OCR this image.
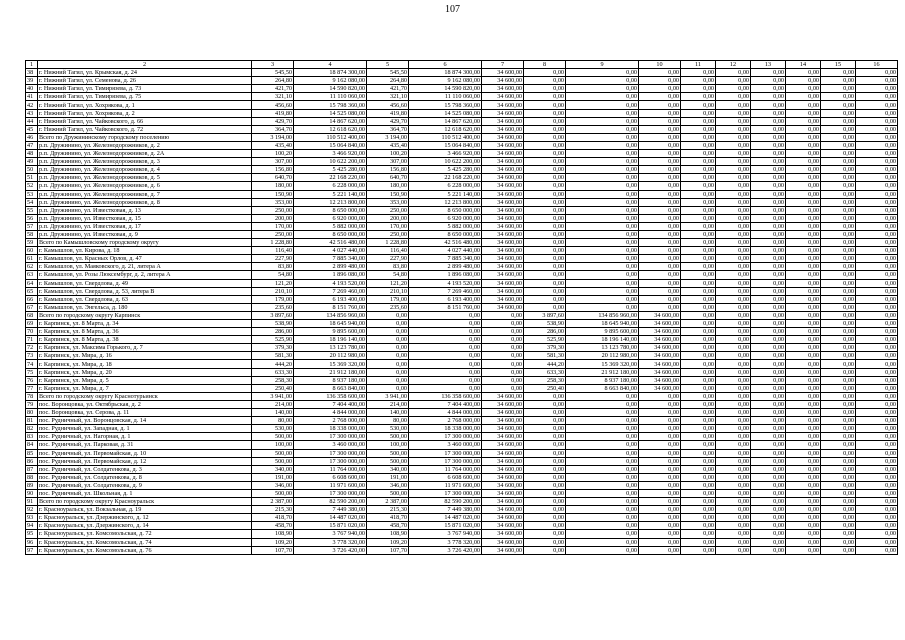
107
1	2	3	4	5	6	7	8	9	10	11	12	13	14	15	16
38	г. Нижний Тагил, ул. Крымская, д. 24	545,50	18 874 300,00	545,50	18 874 300,00	34 600,00	0,00	0,00	0,00	0,00	0,00	0,00	0,00	0,00	0,00
39	г. Нижний Тагил, ул. Семенова, д. 26	264,80	9 162 080,00	264,80	9 162 080,00	34 600,00	0,00	0,00	0,00	0,00	0,00	0,00	0,00	0,00	0,00
40	г. Нижний Тагил, ул. Тимирязева, д. 73	421,70	14 590 820,00	421,70	14 590 820,00	34 600,00	0,00	0,00	0,00	0,00	0,00	0,00	0,00	0,00	0,00
41	г. Нижний Тагил, ул. Тимирязева, д. 75	321,10	11 110 060,00	321,10	11 110 060,00	34 600,00	0,00	0,00	0,00	0,00	0,00	0,00	0,00	0,00	0,00
42	г. Нижний Тагил, ул. Хохрякова, д. 1	456,60	15 798 360,00	456,60	15 798 360,00	34 600,00	0,00	0,00	0,00	0,00	0,00	0,00	0,00	0,00	0,00
43	г. Нижний Тагил, ул. Хохрякова, д. 2	419,80	14 525 080,00	419,80	14 525 080,00	34 600,00	0,00	0,00	0,00	0,00	0,00	0,00	0,00	0,00	0,00
44	г. Нижний Тагил, ул. Чайковского, д. 66	429,70	14 867 620,00	429,70	14 867 620,00	34 600,00	0,00	0,00	0,00	0,00	0,00	0,00	0,00	0,00	0,00
45	г. Нижний Тагил, ул. Чайковского, д. 72	364,70	12 618 620,00	364,70	12 618 620,00	34 600,00	0,00	0,00	0,00	0,00	0,00	0,00	0,00	0,00	0,00
46	Всего по Дружининскому городскому поселению	3 194,00	110 512 400,00	3 194,00	110 512 400,00	34 600,00	0,00	0,00	0,00	0,00	0,00	0,00	0,00	0,00	0,00
47	р.п. Дружинино, ул. Железнодорожников, д. 2	435,40	15 064 840,00	435,40	15 064 840,00	34 600,00	0,00	0,00	0,00	0,00	0,00	0,00	0,00	0,00	0,00
48	р.п. Дружинино, ул. Железнодорожников, д. 2А	100,20	3 466 920,00	100,20	3 466 920,00	34 600,00	0,00	0,00	0,00	0,00	0,00	0,00	0,00	0,00	0,00
49	р.п. Дружинино, ул. Железнодорожников, д. 3	307,00	10 622 200,00	307,00	10 622 200,00	34 600,00	0,00	0,00	0,00	0,00	0,00	0,00	0,00	0,00	0,00
50	р.п. Дружинино, ул. Железнодорожников, д. 4	156,80	5 425 280,00	156,80	5 425 280,00	34 600,00	0,00	0,00	0,00	0,00	0,00	0,00	0,00	0,00	0,00
51	р.п. Дружинино, ул. Железнодорожников, д. 5	640,70	22 168 220,00	640,70	22 168 220,00	34 600,00	0,00	0,00	0,00	0,00	0,00	0,00	0,00	0,00	0,00
52	р.п. Дружинино, ул. Железнодорожников, д. 6	180,00	6 228 000,00	180,00	6 228 000,00	34 600,00	0,00	0,00	0,00	0,00	0,00	0,00	0,00	0,00	0,00
53	р.п. Дружинино, ул. Железнодорожников, д. 7	150,90	5 221 140,00	150,90	5 221 140,00	34 600,00	0,00	0,00	0,00	0,00	0,00	0,00	0,00	0,00	0,00
54	р.п. Дружинино, ул. Железнодорожников, д. 8	353,00	12 213 800,00	353,00	12 213 800,00	34 600,00	0,00	0,00	0,00	0,00	0,00	0,00	0,00	0,00	0,00
55	р.п. Дружинино, ул. Известковая, д. 13	250,00	8 650 000,00	250,00	8 650 000,00	34 600,00	0,00	0,00	0,00	0,00	0,00	0,00	0,00	0,00	0,00
56	р.п. Дружинино, ул. Известковая, д. 15	200,00	6 920 000,00	200,00	6 920 000,00	34 600,00	0,00	0,00	0,00	0,00	0,00	0,00	0,00	0,00	0,00
57	р.п. Дружинино, ул. Известковая, д. 17	170,00	5 882 000,00	170,00	5 882 000,00	34 600,00	0,00	0,00	0,00	0,00	0,00	0,00	0,00	0,00	0,00
58	р.п. Дружинино, ул. Известковая, д. 9	250,00	8 650 000,00	250,00	8 650 000,00	34 600,00	0,00	0,00	0,00	0,00	0,00	0,00	0,00	0,00	0,00
59	Всего по Камышловскому городскому округу	1 228,80	42 516 480,00	1 228,80	42 516 480,00	34 600,00	0,00	0,00	0,00	0,00	0,00	0,00	0,00	0,00	0,00
60	г. Камышлов, ул. Кирова, д. 18	116,40	4 027 440,00	116,40	4 027 440,00	34 600,00	0,00	0,00	0,00	0,00	0,00	0,00	0,00	0,00	0,00
61	г. Камышлов, ул. Красных Орлов, д. 47	227,90	7 885 340,00	227,90	7 885 340,00	34 600,00	0,00	0,00	0,00	0,00	0,00	0,00	0,00	0,00	0,00
62	г. Камышлов, ул. Маяковского, д. 21, литера А	83,80	2 899 480,00	83,80	2 899 480,00	34 600,00	0,00	0,00	0,00	0,00	0,00	0,00	0,00	0,00	0,00
63	г. Камышлов, ул. Розы Люксембург, д. 2, литера А	54,80	1 896 080,00	54,80	1 896 080,00	34 600,00	0,00	0,00	0,00	0,00	0,00	0,00	0,00	0,00	0,00
64	г. Камышлов, ул. Свердлова, д. 49	121,20	4 193 520,00	121,20	4 193 520,00	34 600,00	0,00	0,00	0,00	0,00	0,00	0,00	0,00	0,00	0,00
65	г. Камышлов, ул. Свердлова, д. 53, литера В	210,10	7 269 460,00	210,10	7 269 460,00	34 600,00	0,00	0,00	0,00	0,00	0,00	0,00	0,00	0,00	0,00
66	г. Камышлов, ул. Свердлова, д. 63	179,00	6 193 400,00	179,00	6 193 400,00	34 600,00	0,00	0,00	0,00	0,00	0,00	0,00	0,00	0,00	0,00
67	г. Камышлов, ул. Энгельса, д. 180	235,60	8 151 760,00	235,60	8 151 760,00	34 600,00	0,00	0,00	0,00	0,00	0,00	0,00	0,00	0,00	0,00
68	Всего по городскому округу Карпинск	3 897,60	134 856 960,00	0,00	0,00	0,00	3 897,60	134 856 960,00	34 600,00	0,00	0,00	0,00	0,00	0,00	0,00
69	г. Карпинск, ул. 8 Марта, д. 34	538,90	18 645 940,00	0,00	0,00	0,00	538,90	18 645 940,00	34 600,00	0,00	0,00	0,00	0,00	0,00	0,00
70	г. Карпинск, ул. 8 Марта, д. 36	286,00	9 895 600,00	0,00	0,00	0,00	286,00	9 895 600,00	34 600,00	0,00	0,00	0,00	0,00	0,00	0,00
71	г. Карпинск, ул. 8 Марта, д. 38	525,90	18 196 140,00	0,00	0,00	0,00	525,90	18 196 140,00	34 600,00	0,00	0,00	0,00	0,00	0,00	0,00
72	г. Карпинск, ул. Максима Горького, д. 7	379,30	13 123 780,00	0,00	0,00	0,00	379,30	13 123 780,00	34 600,00	0,00	0,00	0,00	0,00	0,00	0,00
73	г. Карпинск, ул. Мира, д. 16	581,30	20 112 980,00	0,00	0,00	0,00	581,30	20 112 980,00	34 600,00	0,00	0,00	0,00	0,00	0,00	0,00
74	г. Карпинск, ул. Мира, д. 18	444,20	15 369 320,00	0,00	0,00	0,00	444,20	15 369 320,00	34 600,00	0,00	0,00	0,00	0,00	0,00	0,00
75	г. Карпинск, ул. Мира, д. 20	633,30	21 912 180,00	0,00	0,00	0,00	633,30	21 912 180,00	34 600,00	0,00	0,00	0,00	0,00	0,00	0,00
76	г. Карпинск, ул. Мира, д. 5	258,30	8 937 180,00	0,00	0,00	0,00	258,30	8 937 180,00	34 600,00	0,00	0,00	0,00	0,00	0,00	0,00
77	г. Карпинск, ул. Мира, д. 7	250,40	8 663 840,00	0,00	0,00	0,00	250,40	8 663 840,00	34 600,00	0,00	0,00	0,00	0,00	0,00	0,00
78	Всего по городскому округу Краснотурьинск	3 941,00	136 358 600,00	3 941,00	136 358 600,00	34 600,00	0,00	0,00	0,00	0,00	0,00	0,00	0,00	0,00	0,00
79	пос. Воронцовка, ул. Октябрьская, д. 2	214,00	7 404 400,00	214,00	7 404 400,00	34 600,00	0,00	0,00	0,00	0,00	0,00	0,00	0,00	0,00	0,00
80	пос. Воронцовка, ул. Серова, д. 11	140,00	4 844 000,00	140,00	4 844 000,00	34 600,00	0,00	0,00	0,00	0,00	0,00	0,00	0,00	0,00	0,00
81	пос. Рудничный, ул. Воронцовская, д. 14	80,00	2 768 000,00	80,00	2 768 000,00	34 600,00	0,00	0,00	0,00	0,00	0,00	0,00	0,00	0,00	0,00
82	пос. Рудничный, ул. Западная, д. 1	530,00	18 338 000,00	530,00	18 338 000,00	34 600,00	0,00	0,00	0,00	0,00	0,00	0,00	0,00	0,00	0,00
83	пос. Рудничный, ул. Нагорная, д. 1	500,00	17 300 000,00	500,00	17 300 000,00	34 600,00	0,00	0,00	0,00	0,00	0,00	0,00	0,00	0,00	0,00
84	пос. Рудничный, ул. Парковая, д. 31	100,00	3 460 000,00	100,00	3 460 000,00	34 600,00	0,00	0,00	0,00	0,00	0,00	0,00	0,00	0,00	0,00
85	пос. Рудничный, ул. Первомайская, д. 10	500,00	17 300 000,00	500,00	17 300 000,00	34 600,00	0,00	0,00	0,00	0,00	0,00	0,00	0,00	0,00	0,00
86	пос. Рудничный, ул. Первомайская, д. 12	500,00	17 300 000,00	500,00	17 300 000,00	34 600,00	0,00	0,00	0,00	0,00	0,00	0,00	0,00	0,00	0,00
87	пос. Рудничный, ул. Солдатенкова, д. 3	340,00	11 764 000,00	340,00	11 764 000,00	34 600,00	0,00	0,00	0,00	0,00	0,00	0,00	0,00	0,00	0,00
88	пос. Рудничный, ул. Солдатенкова, д. 8	191,00	6 608 600,00	191,00	6 608 600,00	34 600,00	0,00	0,00	0,00	0,00	0,00	0,00	0,00	0,00	0,00
89	пос. Рудничный, ул. Солдатенкова, д. 9	346,00	11 971 600,00	346,00	11 971 600,00	34 600,00	0,00	0,00	0,00	0,00	0,00	0,00	0,00	0,00	0,00
90	пос. Рудничный, ул. Школьная, д. 1	500,00	17 300 000,00	500,00	17 300 000,00	34 600,00	0,00	0,00	0,00	0,00	0,00	0,00	0,00	0,00	0,00
91	Всего по городскому округу Красноуральск	2 387,00	82 590 200,00	2 387,00	82 590 200,00	34 600,00	0,00	0,00	0,00	0,00	0,00	0,00	0,00	0,00	0,00
92	г. Красноуральск, ул. Вокзальная, д. 19	215,30	7 449 380,00	215,30	7 449 380,00	34 600,00	0,00	0,00	0,00	0,00	0,00	0,00	0,00	0,00	0,00
93	г. Красноуральск, ул. Дзержинского, д. 12	418,70	14 487 020,00	418,70	14 487 020,00	34 600,00	0,00	0,00	0,00	0,00	0,00	0,00	0,00	0,00	0,00
94	г. Красноуральск, ул. Дзержинского, д. 14	458,70	15 871 020,00	458,70	15 871 020,00	34 600,00	0,00	0,00	0,00	0,00	0,00	0,00	0,00	0,00	0,00
95	г. Красноуральск, ул. Комсомольская, д. 72	108,90	3 767 940,00	108,90	3 767 940,00	34 600,00	0,00	0,00	0,00	0,00	0,00	0,00	0,00	0,00	0,00
96	г. Красноуральск, ул. Комсомольская, д. 74	109,20	3 778 320,00	109,20	3 778 320,00	34 600,00	0,00	0,00	0,00	0,00	0,00	0,00	0,00	0,00	0,00
97	г. Красноуральск, ул. Комсомольская, д. 76	107,70	3 726 420,00	107,70	3 726 420,00	34 600,00	0,00	0,00	0,00	0,00	0,00	0,00	0,00	0,00	0,00
